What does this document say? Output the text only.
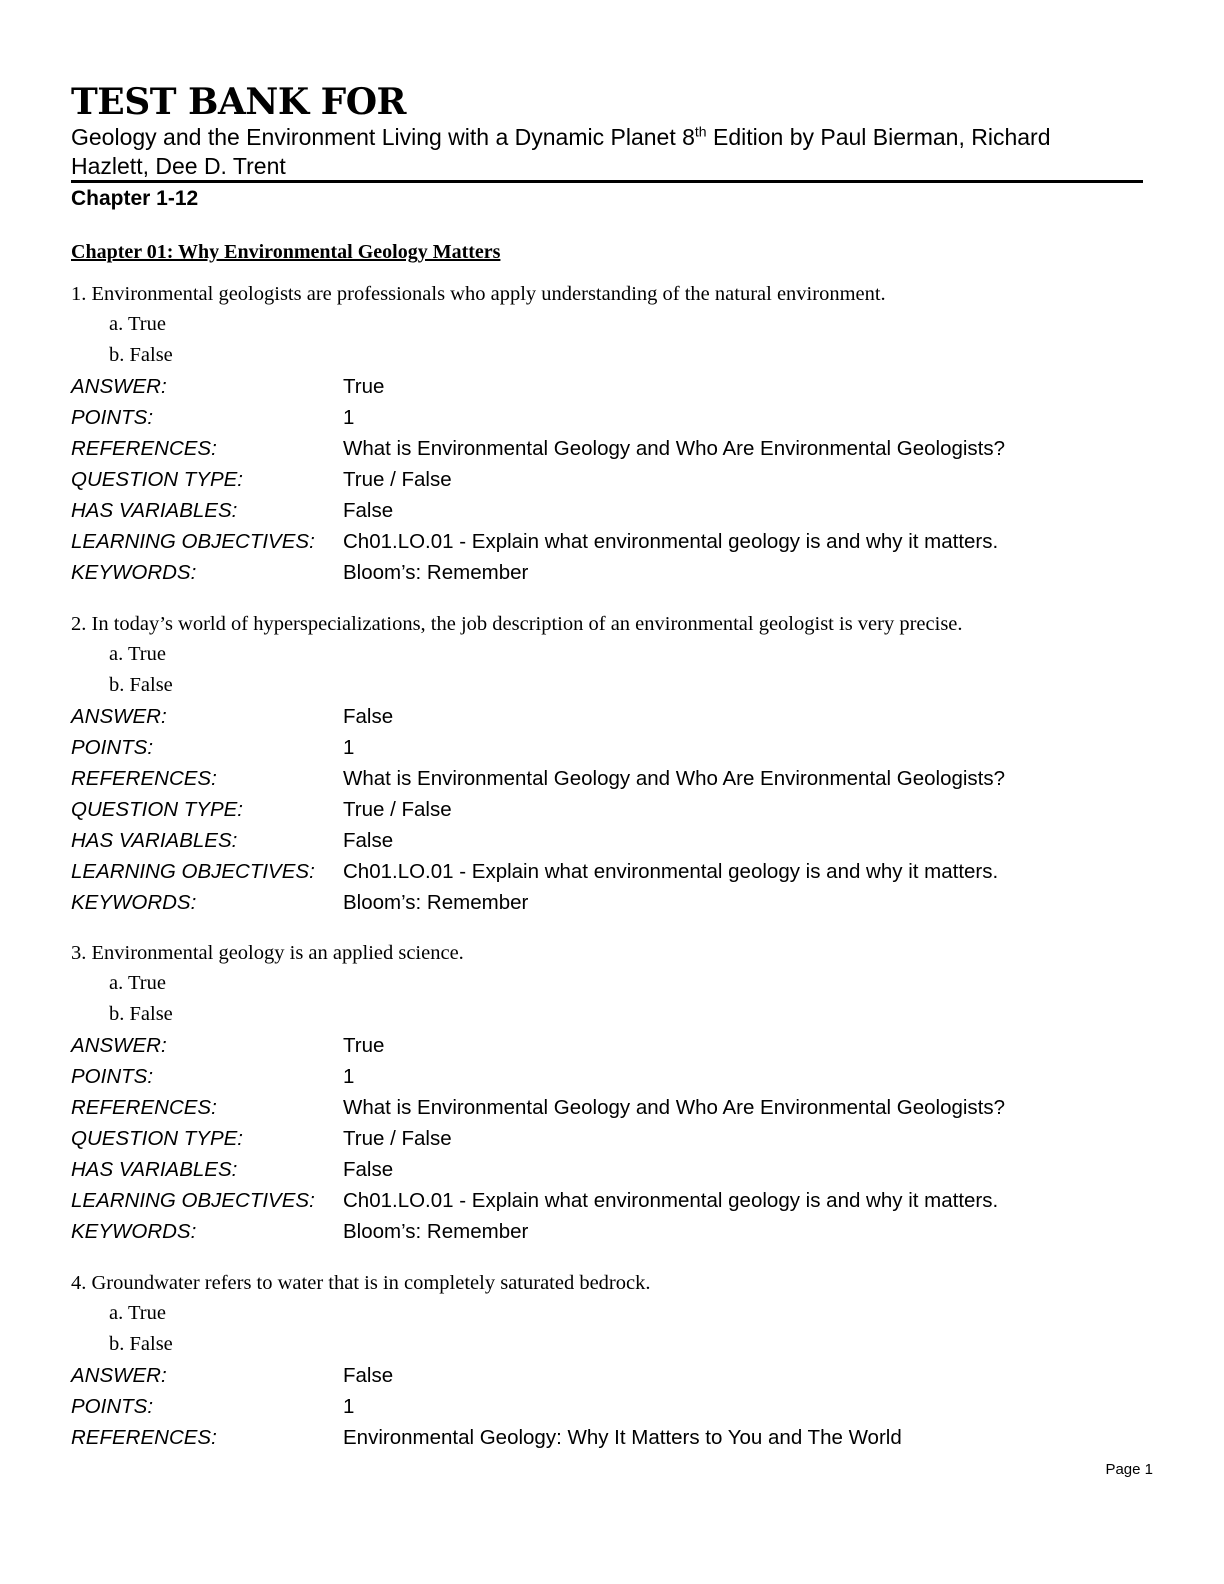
TEST BANK FOR
Geology and the Environment Living with a Dynamic Planet 8th Edition by Paul Bierman, Richard Hazlett, Dee D. Trent
Chapter 1-12
Chapter 01: Why Environmental Geology Matters
1. Environmental geologists are professionals who apply understanding of the natural environment.
a. True
b. False
ANSWER:	True
POINTS:	1
REFERENCES:	What is Environmental Geology and Who Are Environmental Geologists?
QUESTION TYPE:	True / False
HAS VARIABLES:	False
LEARNING OBJECTIVES:	Ch01.LO.01 - Explain what environmental geology is and why it matters.
KEYWORDS:	Bloom’s: Remember
2. In today’s world of hyperspecializations, the job description of an environmental geologist is very precise.
a. True
b. False
ANSWER:	False
POINTS:	1
REFERENCES:	What is Environmental Geology and Who Are Environmental Geologists?
QUESTION TYPE:	True / False
HAS VARIABLES:	False
LEARNING OBJECTIVES:	Ch01.LO.01 - Explain what environmental geology is and why it matters.
KEYWORDS:	Bloom’s: Remember
3. Environmental geology is an applied science.
a. True
b. False
ANSWER:	True
POINTS:	1
REFERENCES:	What is Environmental Geology and Who Are Environmental Geologists?
QUESTION TYPE:	True / False
HAS VARIABLES:	False
LEARNING OBJECTIVES:	Ch01.LO.01 - Explain what environmental geology is and why it matters.
KEYWORDS:	Bloom’s: Remember
4. Groundwater refers to water that is in completely saturated bedrock.
a. True
b. False
ANSWER:	False
POINTS:	1
REFERENCES:	Environmental Geology: Why It Matters to You and The World
Page 1
